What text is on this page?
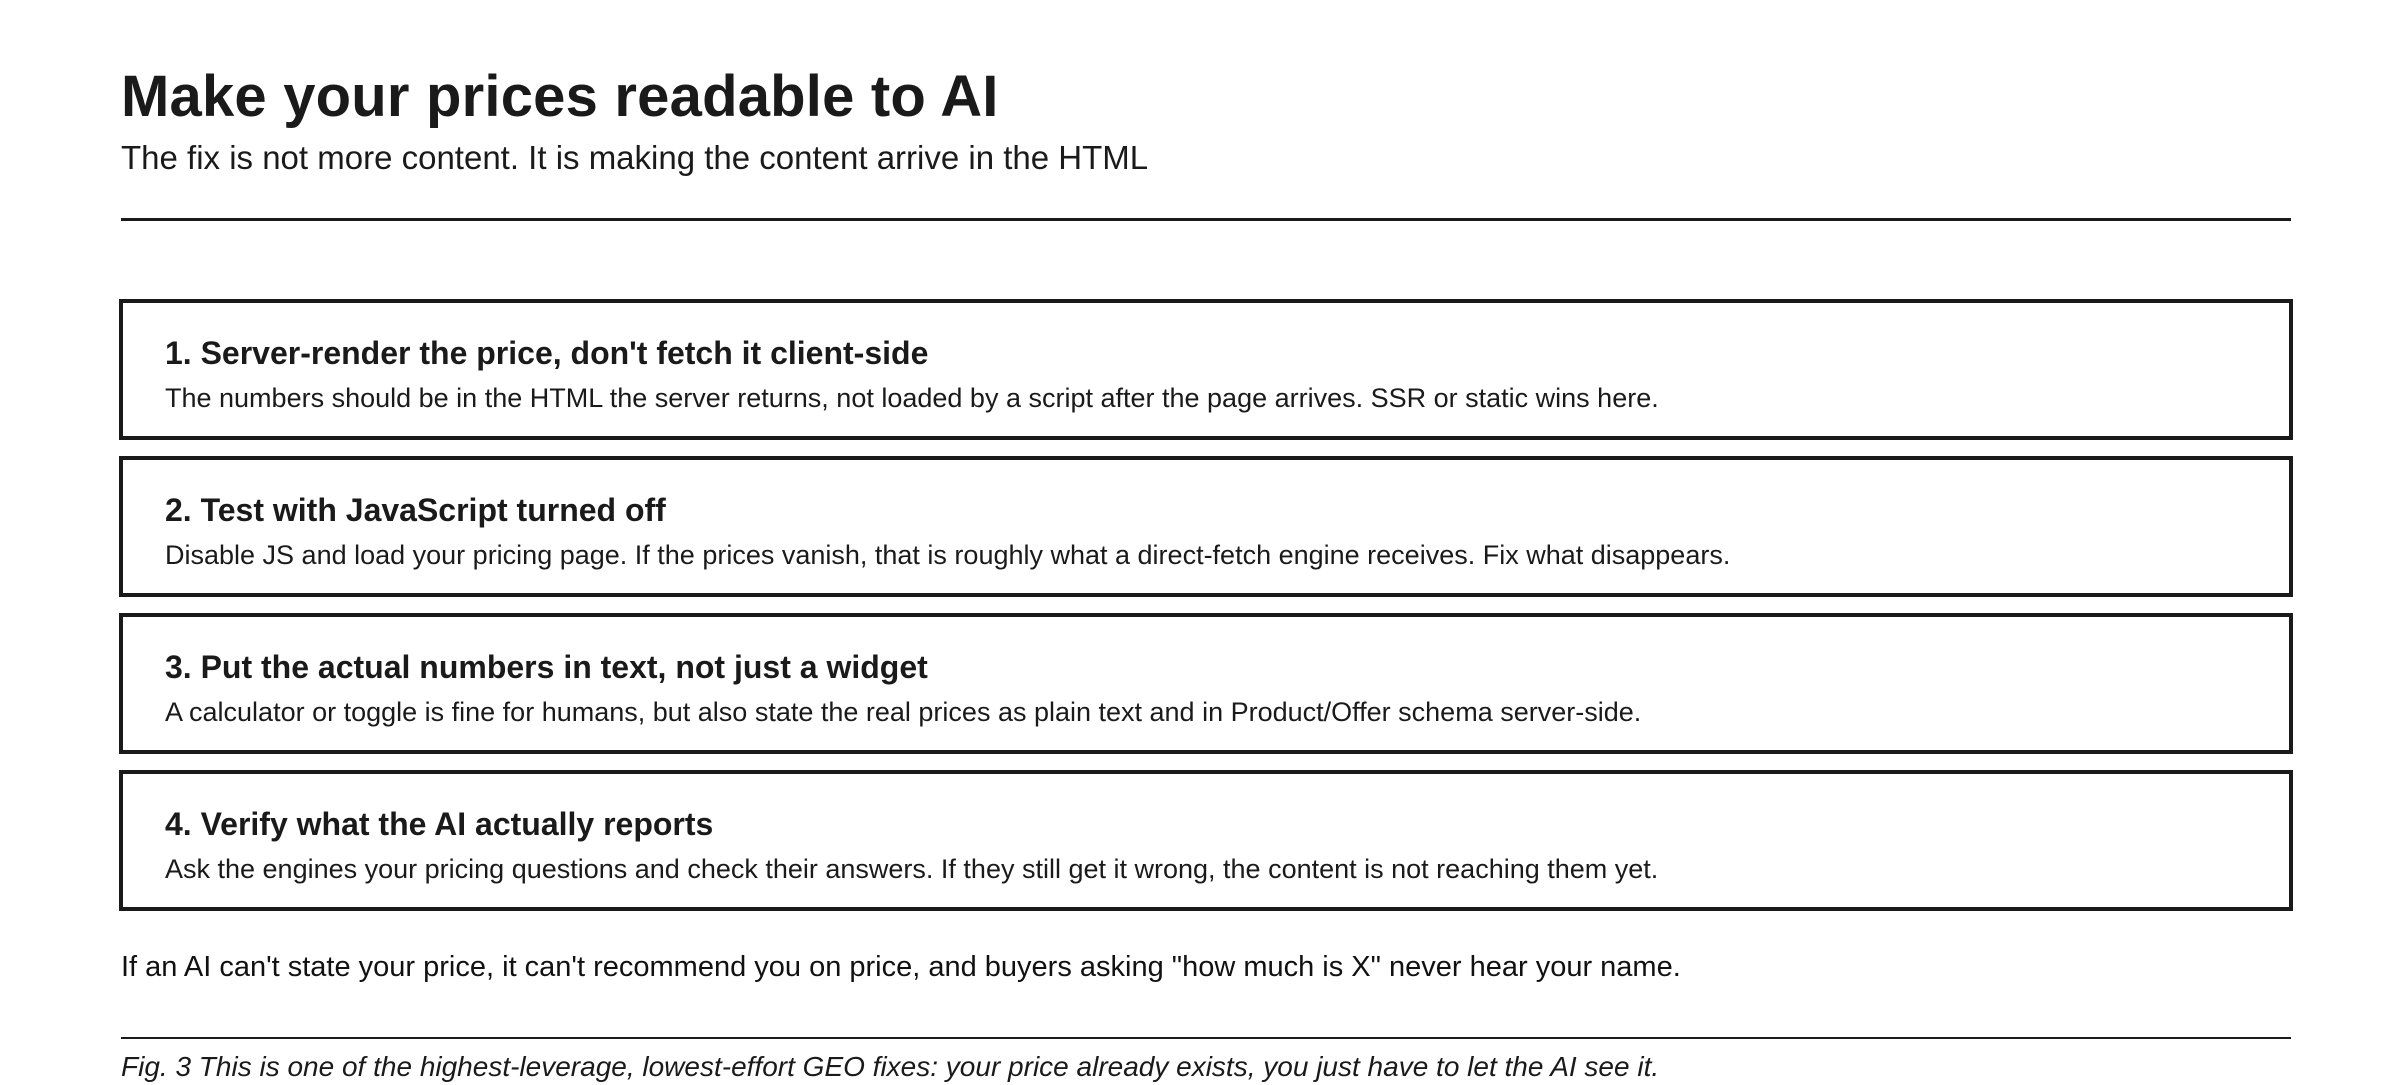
Make your prices readable to AI

The fix is not more content. It is making the content arrive in the HTML

1. Server-render the price, don't fetch it client-side

The numbers should be in the HTML the server returns, not loaded by a script after the page arrives. SSR or static wins here.

2. Test with JavaScript turned off

Disable JS and load your pricing page. If the prices vanish, that is roughly what a direct-fetch engine receives. Fix what disappears.

3. Put the actual numbers in text, not just a widget

A calculator or toggle is fine for humans, but also state the real prices as plain text and in Product/Offer schema server-side.

4. Verify what the AI actually reports

Ask the engines your pricing questions and check their answers. If they still get it wrong, the content is not reaching them yet.

If an AI can't state your price, it can't recommend you on price, and buyers asking "how much is X" never hear your name.

Fig. 3 This is one of the highest-leverage, lowest-effort GEO fixes: your price already exists, you just have to let the AI see it.
